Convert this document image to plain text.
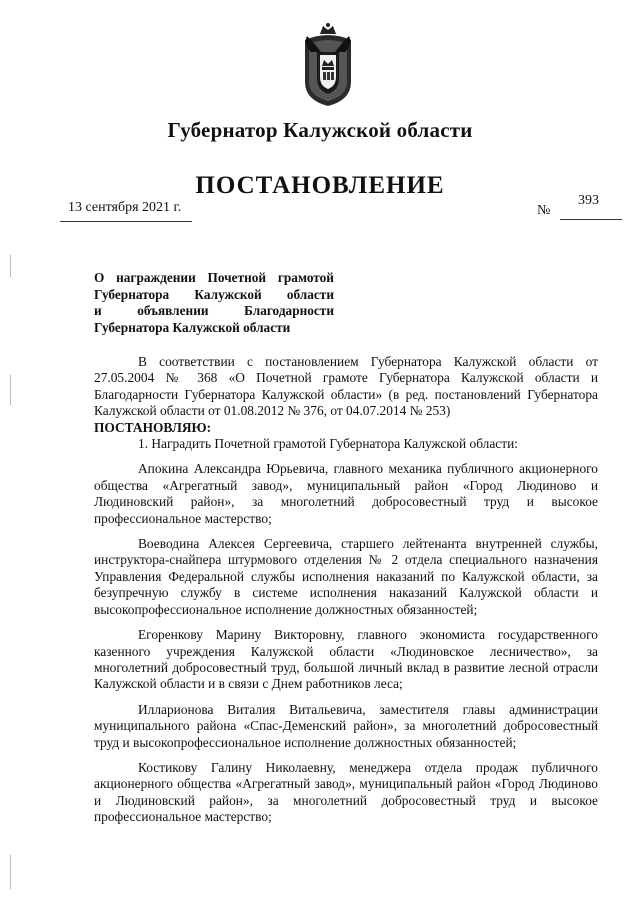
Губернатор Калужской области
ПОСТАНОВЛЕНИЕ
13 сентября 2021 г.	№
393
О награждении Почетной грамотой
Губернатора Калужской области
и	объявлении	Благодарности
Губернатора Калужской области

В соответствии с постановлением Губернатора Калужской области от 27.05.2004 № 368 «О Почетной грамоте Губернатора Калужской области и Благодарности Губернатора Калужской области» (в ред. постановлений Губернатора Калужской области от 01.08.2012 № 376, от 04.07.2014 № 253)

ПОСТАНОВЛЯЮ:

1. Наградить Почетной грамотой Губернатора Калужской области:

Апокина Александра Юрьевича, главного механика публичного акционерного общества «Агрегатный завод», муниципальный район «Город Людиново и Людиновский район», за многолетний добросовестный труд и высокое профессиональное мастерство;

Воеводина Алексея Сергеевича, старшего лейтенанта внутренней службы, инструктора-снайпера штурмового отделения № 2 отдела специального назначения Управления Федеральной службы исполнения наказаний по Калужской области, за безупречную службу в системе исполнения наказаний Калужской области и высокопрофессиональное исполнение должностных обязанностей;

Егоренкову Марину Викторовну, главного экономиста государственного казенного учреждения Калужской области «Людиновское лесничество», за многолетний добросовестный труд, большой личный вклад в развитие лесной отрасли Калужской области и в связи с Днем работников леса;

Илларионова Виталия Витальевича, заместителя главы администрации муниципального района «Спас-Деменский район», за многолетний добросовестный труд и высокопрофессиональное исполнение должностных обязанностей;

Костикову Галину Николаевну, менеджера отдела продаж публичного акционерного общества «Агрегатный завод», муниципальный район «Город Людиново и Людиновский район», за многолетний добросовестный труд и высокое профессиональное мастерство;
